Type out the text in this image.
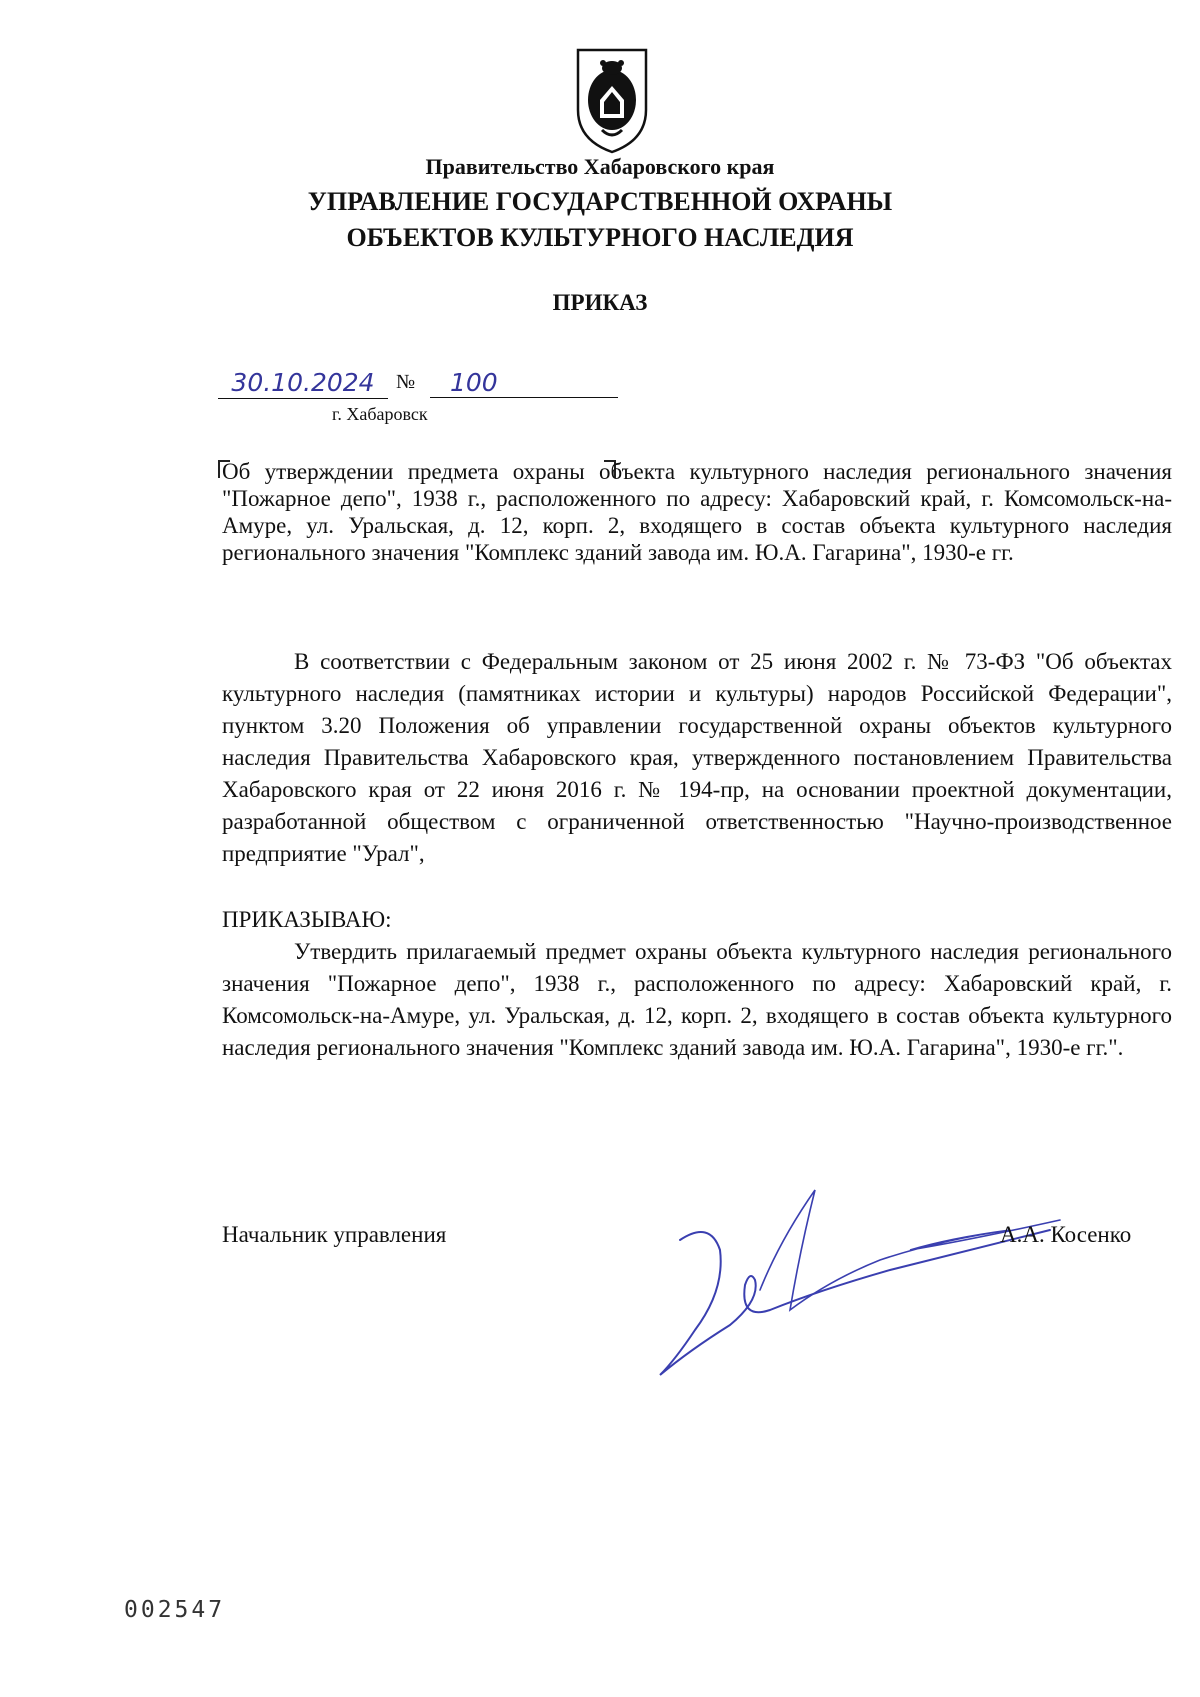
Правительство Хабаровского края
УПРАВЛЕНИЕ ГОСУДАРСТВЕННОЙ ОХРАНЫ
ОБЪЕКТОВ КУЛЬТУРНОГО НАСЛЕДИЯ
ПРИКАЗ
30.10.2024	№	100
г. Хабаровск
Об утверждении предмета охраны объекта культурного наследия регионального значения "Пожарное депо", 1938 г., расположенного по адресу: Хабаровский край, г. Комсомольск-на-Амуре, ул. Уральская, д. 12, корп. 2, входящего в состав объекта культурного наследия регионального значения "Комплекс зданий завода им. Ю.А. Гагарина", 1930-е гг.
В соответствии с Федеральным законом от 25 июня 2002 г. № 73-ФЗ "Об объектах культурного наследия (памятниках истории и культуры) народов Российской Федерации", пунктом 3.20 Положения об управлении государственной охраны объектов культурного наследия Правительства Хабаровского края, утвержденного постановлением Правительства Хабаровского края от 22 июня 2016 г. № 194-пр, на основании проектной документации, разработанной обществом с ограниченной ответственностью "Научно-производственное предприятие "Урал",
ПРИКАЗЫВАЮ:
Утвердить прилагаемый предмет охраны объекта культурного наследия регионального значения "Пожарное депо", 1938 г., расположенного по адресу: Хабаровский край, г. Комсомольск-на-Амуре, ул. Уральская, д. 12, корп. 2, входящего в состав объекта культурного наследия регионального значения "Комплекс зданий завода им. Ю.А. Гагарина", 1930-е гг.".
Начальник управления	А.А. Косенко
002547
